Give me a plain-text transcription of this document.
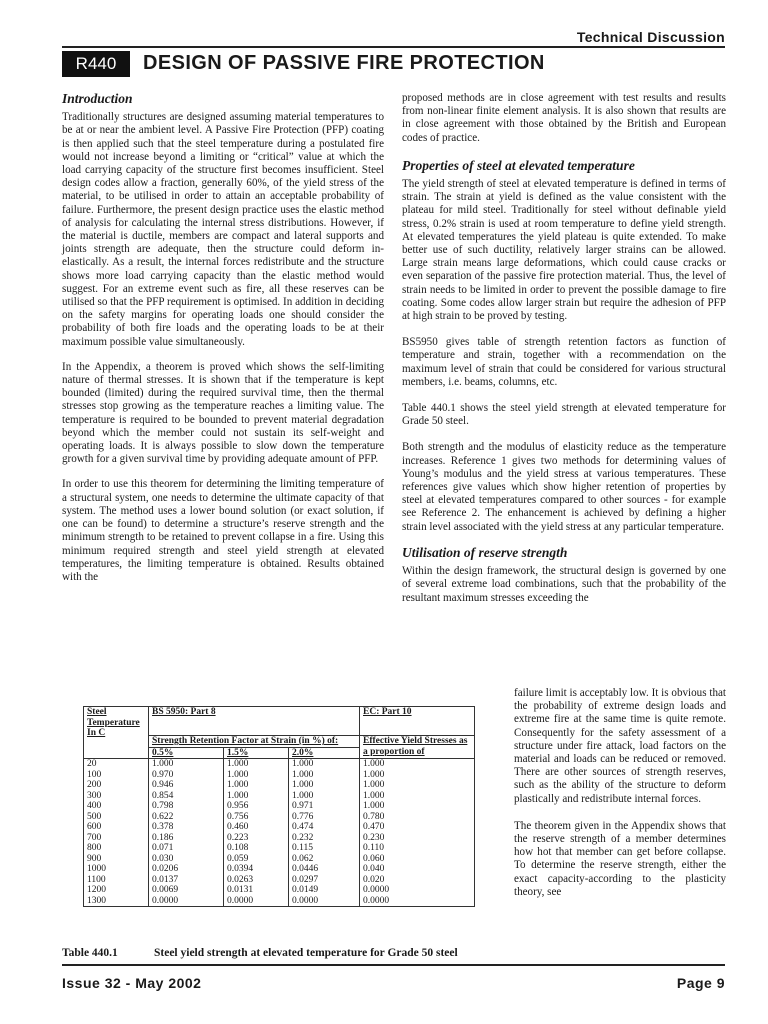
Technical Discussion
R440	DESIGN OF PASSIVE FIRE PROTECTION
Introduction

Traditionally structures are designed assuming material temperatures to be at or near the ambient level. A Passive Fire Protection (PFP) coating is then applied such that the steel temperature during a postulated fire would not increase beyond a limiting or “critical” value at which the load carrying capacity of the structure first becomes insufficient. Steel design codes allow a fraction, generally 60%, of the yield stress of the material, to be utilised in order to attain an acceptable probability of failure. Furthermore, the present design practice uses the elastic method of analysis for calculating the internal stress distributions. However, if the material is ductile, members are compact and lateral supports and joints strength are adequate, then the structure could deform in-elastically. As a result, the internal forces redistribute and the structure shows more load carrying capacity than the elastic method would suggest. For an extreme event such as fire, all these reserves can be utilised so that the PFP requirement is optimised. In addition in deciding on the safety margins for operating loads one should consider the probability of both fire loads and the operating loads to be at their maximum possible value simultaneously.

In the Appendix, a theorem is proved which shows the self-limiting nature of thermal stresses. It is shown that if the temperature is kept bounded (limited) during the required survival time, then the thermal stresses stop growing as the temperature reaches a limiting value. The temperature is required to be bounded to prevent material degradation beyond which the member could not sustain its self-weight and operating loads. It is always possible to slow down the temperature growth for a given survival time by providing adequate amount of PFP.

In order to use this theorem for determining the limiting temperature of a structural system, one needs to determine the ultimate capacity of that system. The method uses a lower bound solution (or exact solution, if one can be found) to determine a structure’s reserve strength and the minimum strength to be retained to prevent collapse in a fire. Using this minimum required strength and steel yield strength at elevated temperatures, the limiting temperature is obtained. Results obtained with the

proposed methods are in close agreement with test results and results from non-linear finite element analysis. It is also shown that results are in close agreement with those obtained by the British and European codes of practice.

Properties of steel at elevated temperature

The yield strength of steel at elevated temperature is defined in terms of strain. The strain at yield is defined as the value consistent with the plateau for mild steel. Traditionally for steel without definable yield stress, 0.2% strain is used at room temperature to define yield strength. At elevated temperatures the yield plateau is quite extended. To make better use of such ductility, relatively larger strains can be allowed. Large strain means large deformations, which could cause cracks or even separation of the passive fire protection material. Thus, the level of strain needs to be limited in order to prevent the possible damage to fire coating. Some codes allow larger strain but require the adhesion of PFP at high strain to be proved by testing.

BS5950 gives table of strength retention factors as function of temperature and strain, together with a recommendation on the maximum level of strain that could be considered for various structural members, i.e. beams, columns, etc.

Table 440.1 shows the steel yield strength at elevated temperature for Grade 50 steel.

Both strength and the modulus of elasticity reduce as the temperature increases. Reference 1 gives two methods for determining values of Young’s modulus and the yield stress at various temperatures. These references give values which show higher retention of properties by steel at elevated temperatures compared to other sources - for example see Reference 2. The enhancement is achieved by defining a higher strain level associated with the yield stress at any particular temperature.

Utilisation of reserve strength

Within the design framework, the structural design is governed by one of several extreme load combinations, such that the probability of the resultant maximum stresses exceeding the

failure limit is acceptably low. It is obvious that the probability of extreme design loads and extreme fire at the same time is quite remote. Consequently for the safety assessment of a structure under fire attack, load factors on the material and loads can be reduced or removed. There are other sources of strength reserves, such as the ability of the structure to deform plastically and redistribute internal forces.

The theorem given in the Appendix shows that the reserve strength of a member determines how hot that member can get before collapse. To determine the reserve strength, either the exact capacity-according to the plasticity theory, see

Steel Temperature In C	BS 5950: Part 8			EC: Part 10
	Strength Retention Factor at Strain (in %) of:			Effective Yield Stresses as a proportion of
	0.5%	1.5%	2.0%	
20	1.000	1.000	1.000	1.000
100	0.970	1.000	1.000	1.000
200	0.946	1.000	1.000	1.000
300	0.854	1.000	1.000	1.000
400	0.798	0.956	0.971	1.000
500	0.622	0.756	0.776	0.780
600	0.378	0.460	0.474	0.470
700	0.186	0.223	0.232	0.230
800	0.071	0.108	0.115	0.110
900	0.030	0.059	0.062	0.060
1000	0.0206	0.0394	0.0446	0.040
1100	0.0137	0.0263	0.0297	0.020
1200	0.0069	0.0131	0.0149	0.0000
1300	0.0000	0.0000	0.0000	0.0000
Table 440.1	Steel yield strength at elevated temperature for Grade 50 steel
Issue 32 - May 2002	Page 9
